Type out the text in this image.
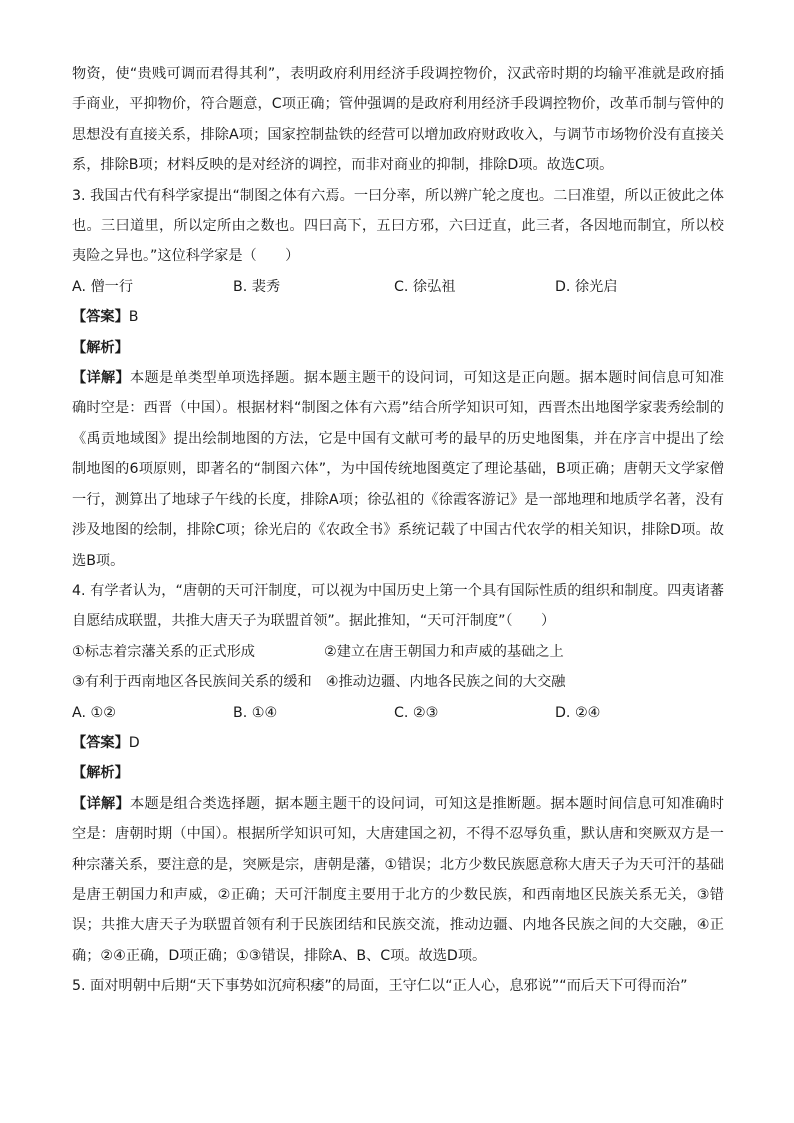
物资，使“贵贱可调而君得其利”，表明政府利用经济手段调控物价，汉武帝时期的均输平准就是政府插手商业，平抑物价，符合题意，C项正确；管仲强调的是政府利用经济手段调控物价，改革币制与管仲的思想没有直接关系，排除A项；国家控制盐铁的经营可以增加政府财政收入，与调节市场物价没有直接关系，排除B项；材料反映的是对经济的调控，而非对商业的抑制，排除D项。故选C项。

3. 我国古代有科学家提出“制图之体有六焉。一曰分率，所以辨广轮之度也。二曰准望，所以正彼此之体也。三曰道里，所以定所由之数也。四曰高下，五曰方邪，六曰迂直，此三者，各因地而制宜，所以校夷险之异也。”这位科学家是（　　）

A. 僧一行	B. 裴秀	C. 徐弘祖	D. 徐光启

【答案】B

【解析】

【详解】本题是单类型单项选择题。据本题主题干的设问词，可知这是正向题。据本题时间信息可知准确时空是：西晋（中国）。根据材料“制图之体有六焉”结合所学知识可知，西晋杰出地图学家裴秀绘制的《禹贡地域图》提出绘制地图的方法，它是中国有文献可考的最早的历史地图集，并在序言中提出了绘制地图的6项原则，即著名的“制图六体”，为中国传统地图奠定了理论基础，B项正确；唐朝天文学家僧一行，测算出了地球子午线的长度，排除A项；徐弘祖的《徐霞客游记》是一部地理和地质学名著，没有涉及地图的绘制，排除C项；徐光启的《农政全书》系统记载了中国古代农学的相关知识，排除D项。故选B项。

4. 有学者认为，“唐朝的天可汗制度，可以视为中国历史上第一个具有国际性质的组织和制度。四夷诸蕃自愿结成联盟，共推大唐天子为联盟首领”。据此推知，“天可汗制度”（　　）

①标志着宗藩关系的正式形成	②建立在唐王朝国力和声威的基础之上
③有利于西南地区各民族间关系的缓和 ④推动边疆、内地各民族之间的大交融
A. ①②	B. ①④	C. ②③	D. ②④

【答案】D

【解析】

【详解】本题是组合类选择题，据本题主题干的设问词，可知这是推断题。据本题时间信息可知准确时空是：唐朝时期（中国）。根据所学知识可知，大唐建国之初，不得不忍辱负重，默认唐和突厥双方是一种宗藩关系，要注意的是，突厥是宗，唐朝是藩，①错误；北方少数民族愿意称大唐天子为天可汗的基础是唐王朝国力和声威，②正确；天可汗制度主要用于北方的少数民族，和西南地区民族关系无关，③错误；共推大唐天子为联盟首领有利于民族团结和民族交流，推动边疆、内地各民族之间的大交融，④正确；②④正确，D项正确；①③错误，排除A、B、C项。故选D项。

5. 面对明朝中后期“天下事势如沉疴积痿”的局面，王守仁以“正人心，息邪说”“而后天下可得而治”
